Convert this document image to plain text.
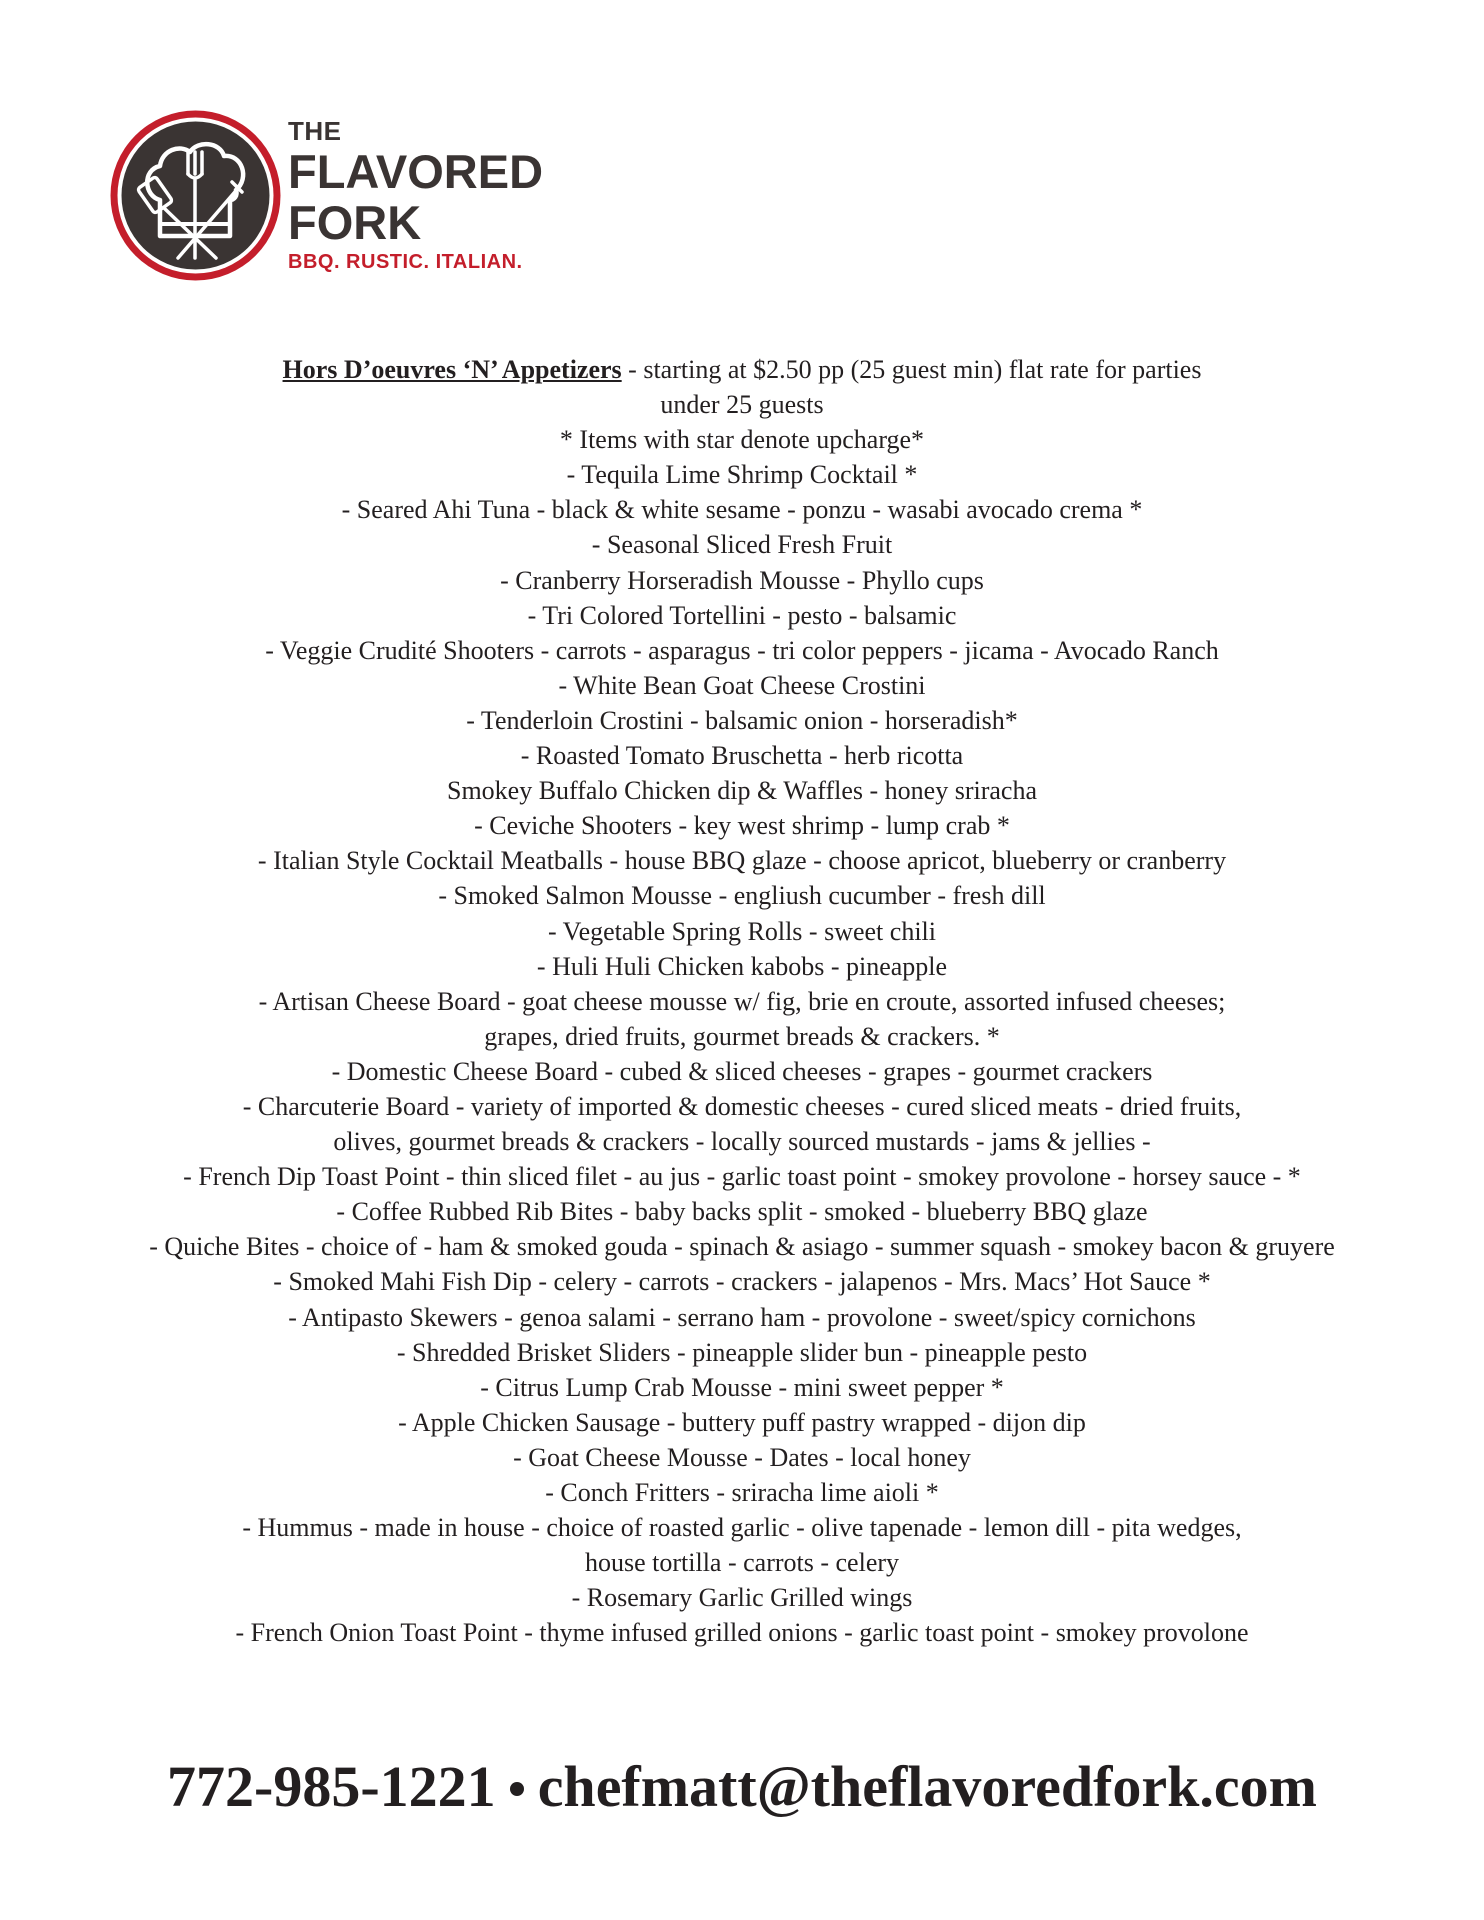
THE
FLAVORED
FORK
BBQ. RUSTIC. ITALIAN.
Hors D’oeuvres ‘N’ Appetizers - starting at $2.50 pp (25 guest min) flat rate for parties
under 25 guests
* Items with star denote upcharge*
- Tequila Lime Shrimp Cocktail *
- Seared Ahi Tuna - black & white sesame - ponzu - wasabi avocado crema *
- Seasonal Sliced Fresh Fruit
- Cranberry Horseradish Mousse - Phyllo cups
- Tri Colored Tortellini - pesto - balsamic
- Veggie Crudité Shooters - carrots - asparagus - tri color peppers - jicama - Avocado Ranch
- White Bean Goat Cheese Crostini
- Tenderloin Crostini - balsamic onion - horseradish*
- Roasted Tomato Bruschetta - herb ricotta
Smokey Buffalo Chicken dip & Waffles - honey sriracha
- Ceviche Shooters - key west shrimp - lump crab *
- Italian Style Cocktail Meatballs - house BBQ glaze - choose apricot, blueberry or cranberry
- Smoked Salmon Mousse - engliush cucumber - fresh dill
- Vegetable Spring Rolls - sweet chili
- Huli Huli Chicken kabobs - pineapple
- Artisan Cheese Board - goat cheese mousse w/ fig, brie en croute, assorted infused cheeses;
grapes, dried fruits, gourmet breads & crackers. *
- Domestic Cheese Board - cubed & sliced cheeses - grapes - gourmet crackers
- Charcuterie Board - variety of imported & domestic cheeses - cured sliced meats - dried fruits,
olives, gourmet breads & crackers - locally sourced mustards - jams & jellies -
- French Dip Toast Point - thin sliced filet - au jus - garlic toast point - smokey provolone - horsey sauce - *
- Coffee Rubbed Rib Bites - baby backs split - smoked - blueberry BBQ glaze
- Quiche Bites - choice of - ham & smoked gouda - spinach & asiago - summer squash - smokey bacon & gruyere
- Smoked Mahi Fish Dip - celery - carrots - crackers - jalapenos - Mrs. Macs’ Hot Sauce *
- Antipasto Skewers - genoa salami - serrano ham - provolone - sweet/spicy cornichons
- Shredded Brisket Sliders - pineapple slider bun - pineapple pesto
- Citrus Lump Crab Mousse - mini sweet pepper *
- Apple Chicken Sausage - buttery puff pastry wrapped - dijon dip
- Goat Cheese Mousse - Dates - local honey
- Conch Fritters - sriracha lime aioli *
- Hummus - made in house - choice of roasted garlic - olive tapenade - lemon dill - pita wedges,
house tortilla - carrots - celery
- Rosemary Garlic Grilled wings
- French Onion Toast Point - thyme infused grilled onions - garlic toast point - smokey provolone
772-985-1221 chefmatt@theflavoredfork.com
